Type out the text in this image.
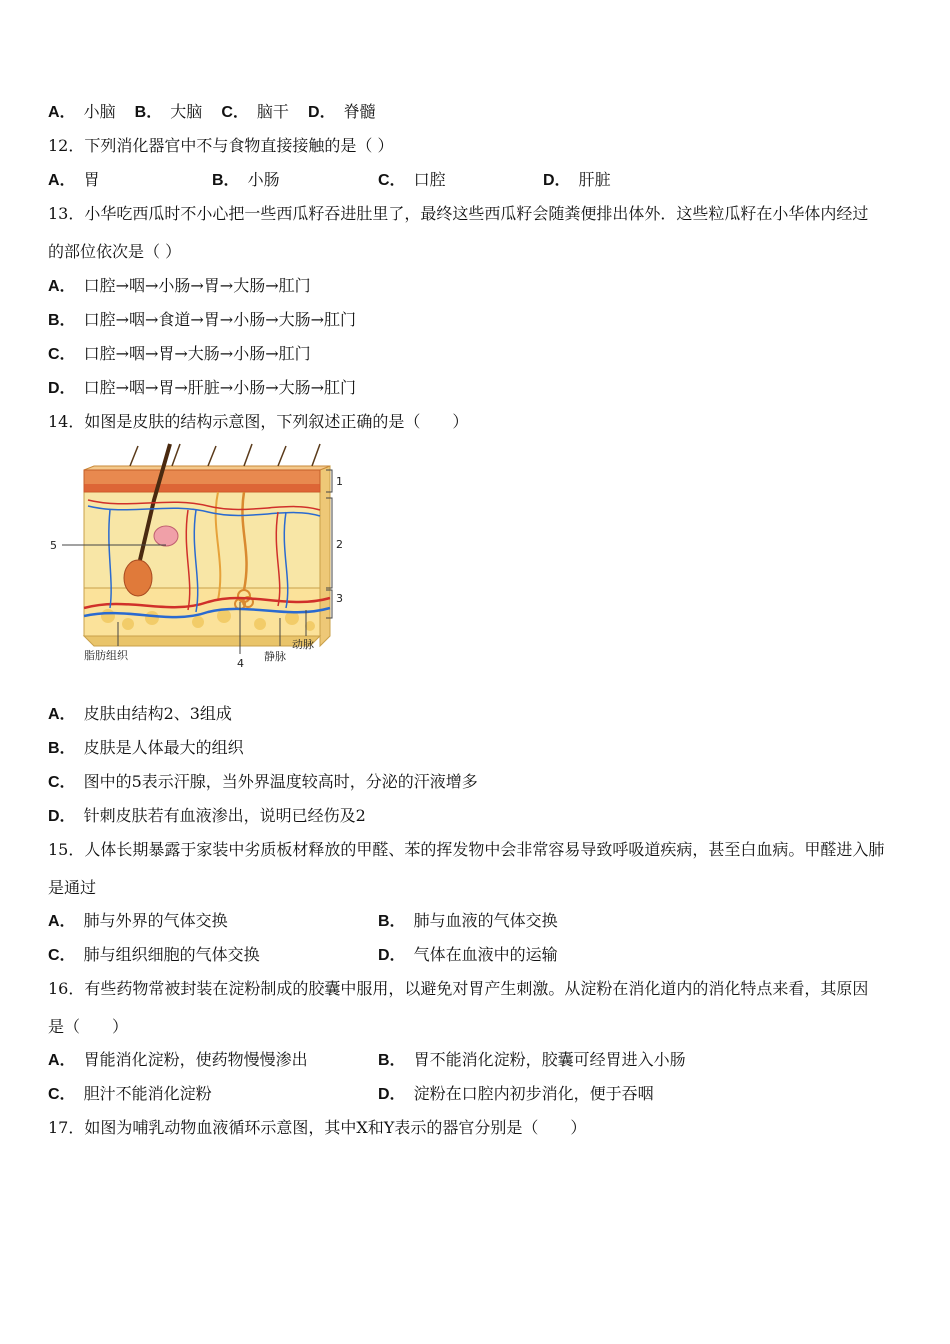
A． 小脑 B． 大脑 C． 脑干 D． 脊髓
12．下列消化器官中不与食物直接接触的是（ ）
A． 胃	B． 小肠	C． 口腔	D． 肝脏
13．小华吃西瓜时不小心把一些西瓜籽吞进肚里了，最终这些西瓜籽会随粪便排出体外．这些粒瓜籽在小华体内经过
的部位依次是（ ）
A． 口腔→咽→小肠→胃→大肠→肛门
B． 口腔→咽→食道→胃→小肠→大肠→肛门
C． 口腔→咽→胃→大肠→小肠→肛门
D． 口腔→咽→胃→肝脏→小肠→大肠→肛门
14．如图是皮肤的结构示意图，下列叙述正确的是（　　）
1
2
3
5
4
脂肪组织	静脉
动脉
A． 皮肤由结构2、3组成
B． 皮肤是人体最大的组织
C． 图中的5表示汗腺，当外界温度较高时，分泌的汗液增多
D． 针刺皮肤若有血液渗出，说明已经伤及2
15．人体长期暴露于家装中劣质板材释放的甲醛、苯的挥发物中会非常容易导致呼吸道疾病，甚至白血病。甲醛进入肺
是通过
A． 肺与外界的气体交换	B． 肺与血液的气体交换
C． 肺与组织细胞的气体交换	D． 气体在血液中的运输
16．有些药物常被封装在淀粉制成的胶囊中服用，以避免对胃产生刺激。从淀粉在消化道内的消化特点来看，其原因
是（　　）
A． 胃能消化淀粉，使药物慢慢渗出	B． 胃不能消化淀粉，胶囊可经胃进入小肠
C． 胆汁不能消化淀粉	D． 淀粉在口腔内初步消化，便于吞咽
17．如图为哺乳动物血液循环示意图，其中X和Y表示的器官分别是（　　）
